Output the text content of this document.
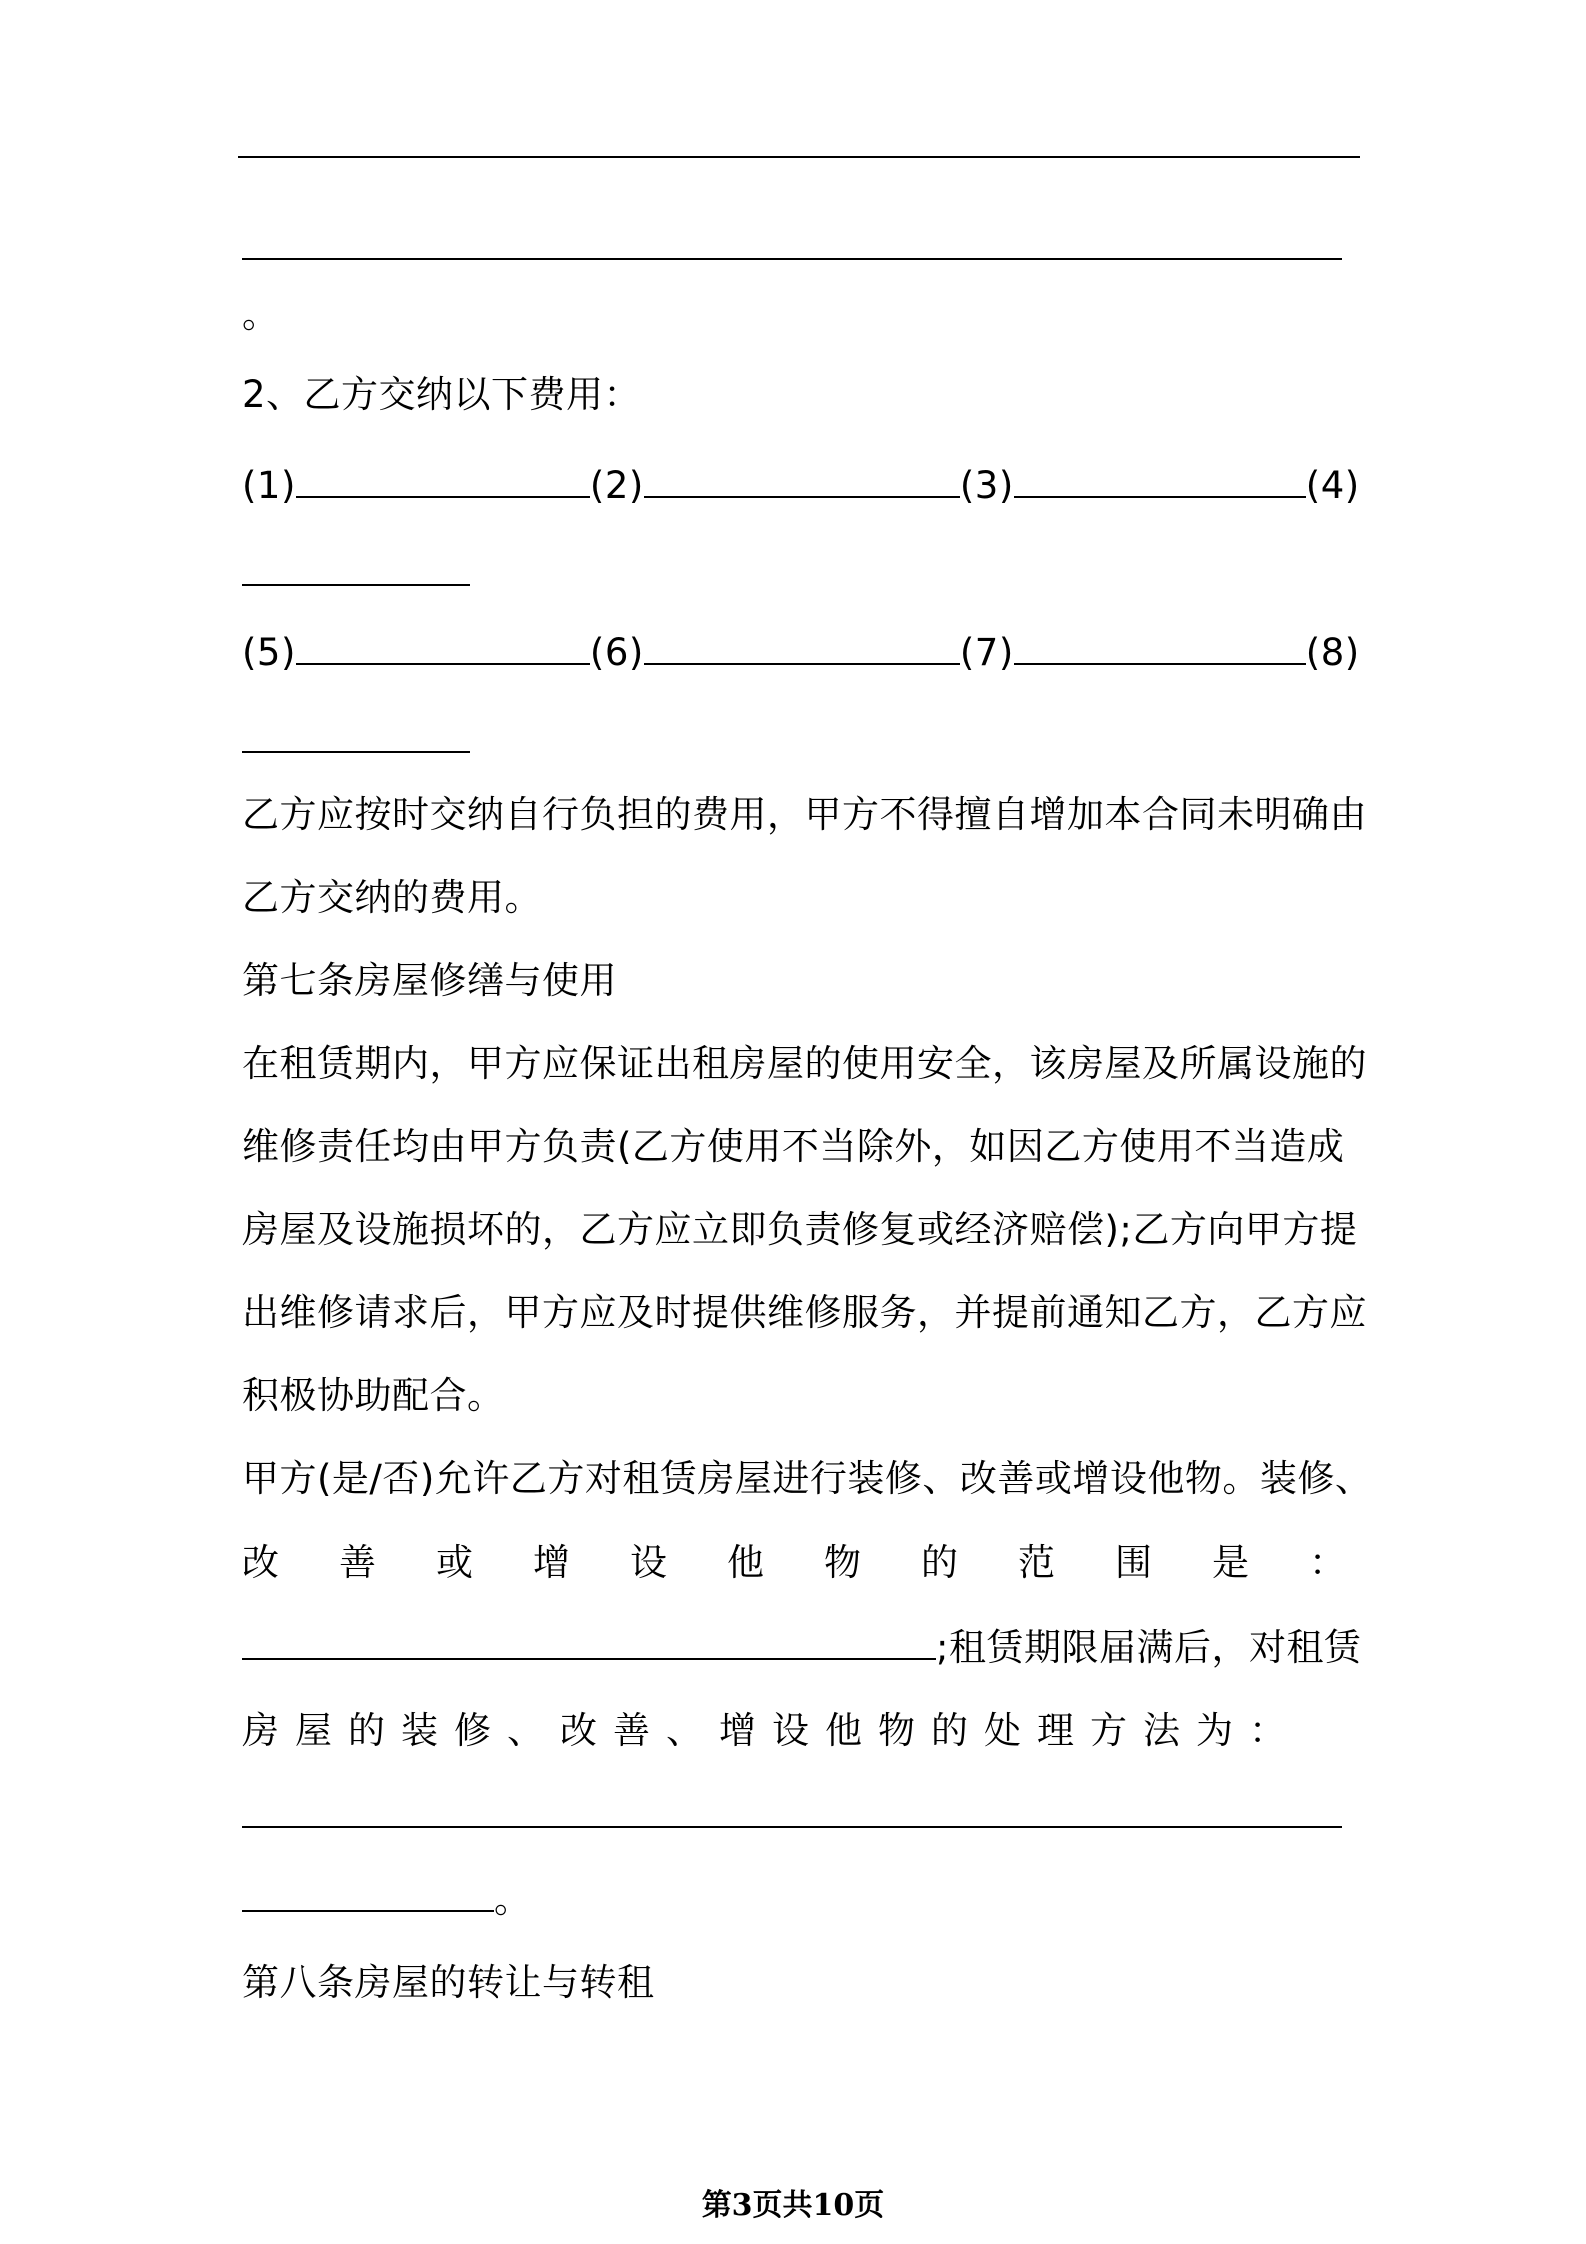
。
2、乙方交纳以下费用：
(1)	(2)	(3)	(4)
(5)	(6)	(7)	(8)
乙方应按时交纳自行负担的费用，甲方不得擅自增加本合同未明确由
乙方交纳的费用。
第七条房屋修缮与使用
在租赁期内，甲方应保证出租房屋的使用安全，该房屋及所属设施的
维修责任均由甲方负责(乙方使用不当除外，如因乙方使用不当造成
房屋及设施损坏的，乙方应立即负责修复或经济赔偿);乙方向甲方提
出维修请求后，甲方应及时提供维修服务，并提前通知乙方，乙方应
积极协助配合。
甲方(是/否)允许乙方对租赁房屋进行装修、改善或增设他物。装修、
改善或增设他物的范围是：
;租赁期限届满后，对租赁
房屋的装修、改善、增设他物的处理方法为：
。
第八条房屋的转让与转租
第3页共10页
